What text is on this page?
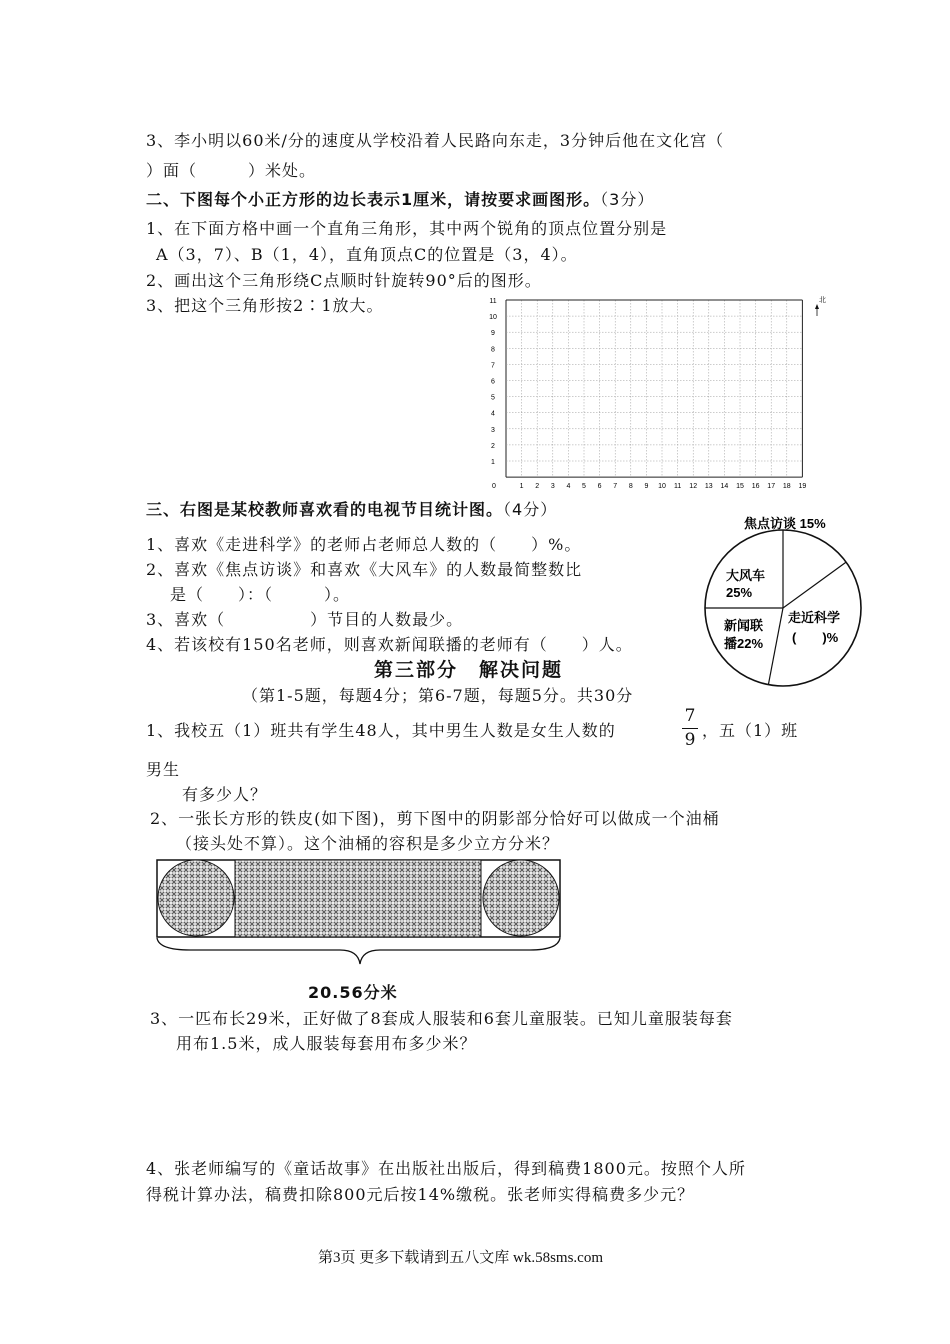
3、李小明以60米/分的速度从学校沿着人民路向东走，3分钟后他在文化宫（
）面（　　　）米处。
二、下图每个小正方形的边长表示1厘米，请按要求画图形。（3分）
1、在下面方格中画一个直角三角形，其中两个锐角的顶点位置分别是
A（3，7）、B（1，4），直角顶点C的位置是（3，4）。
2、画出这个三角形绕C点顺时针旋转90°后的图形。
3、把这个三角形按2∶1放大。
0	1 2 3 4 5 6 7 8 9 10 11 12 13 14 15 16 17 18 19
1
2
3
4
5
6
7
8
9
10
11	北
三、右图是某校教师喜欢看的电视节目统计图。（4分）
1、喜欢《走进科学》的老师占老师总人数的（　　）%。
2、喜欢《焦点访谈》和喜欢《大风车》的人数最简整数比
是（　　）：（　　　）。
3、喜欢（　　　　　）节目的人数最少。
4、若该校有150名老师，则喜欢新闻联播的老师有（　　）人。
焦点访谈 15%
大风车
25%
走近科学
(　　)%
新闻联
播22%
第三部分　解决问题
（第1-5题，每题4分；第6-7题，每题5分。共30分
1、我校五（1）班共有学生48人，其中男生人数是女生人数的
7
9 ，五（1）班
男生
有多少人？
2、一张长方形的铁皮(如下图)，剪下图中的阴影部分恰好可以做成一个油桶
（接头处不算）。这个油桶的容积是多少立方分米？
20.56分米
3、一匹布长29米，正好做了8套成人服装和6套儿童服装。已知儿童服装每套
用布1.5米，成人服装每套用布多少米？
4、张老师编写的《童话故事》在出版社出版后，得到稿费1800元。按照个人所
得税计算办法，稿费扣除800元后按14%缴税。张老师实得稿费多少元？
第3页 更多下载请到五八文库 wk.58sms.com
